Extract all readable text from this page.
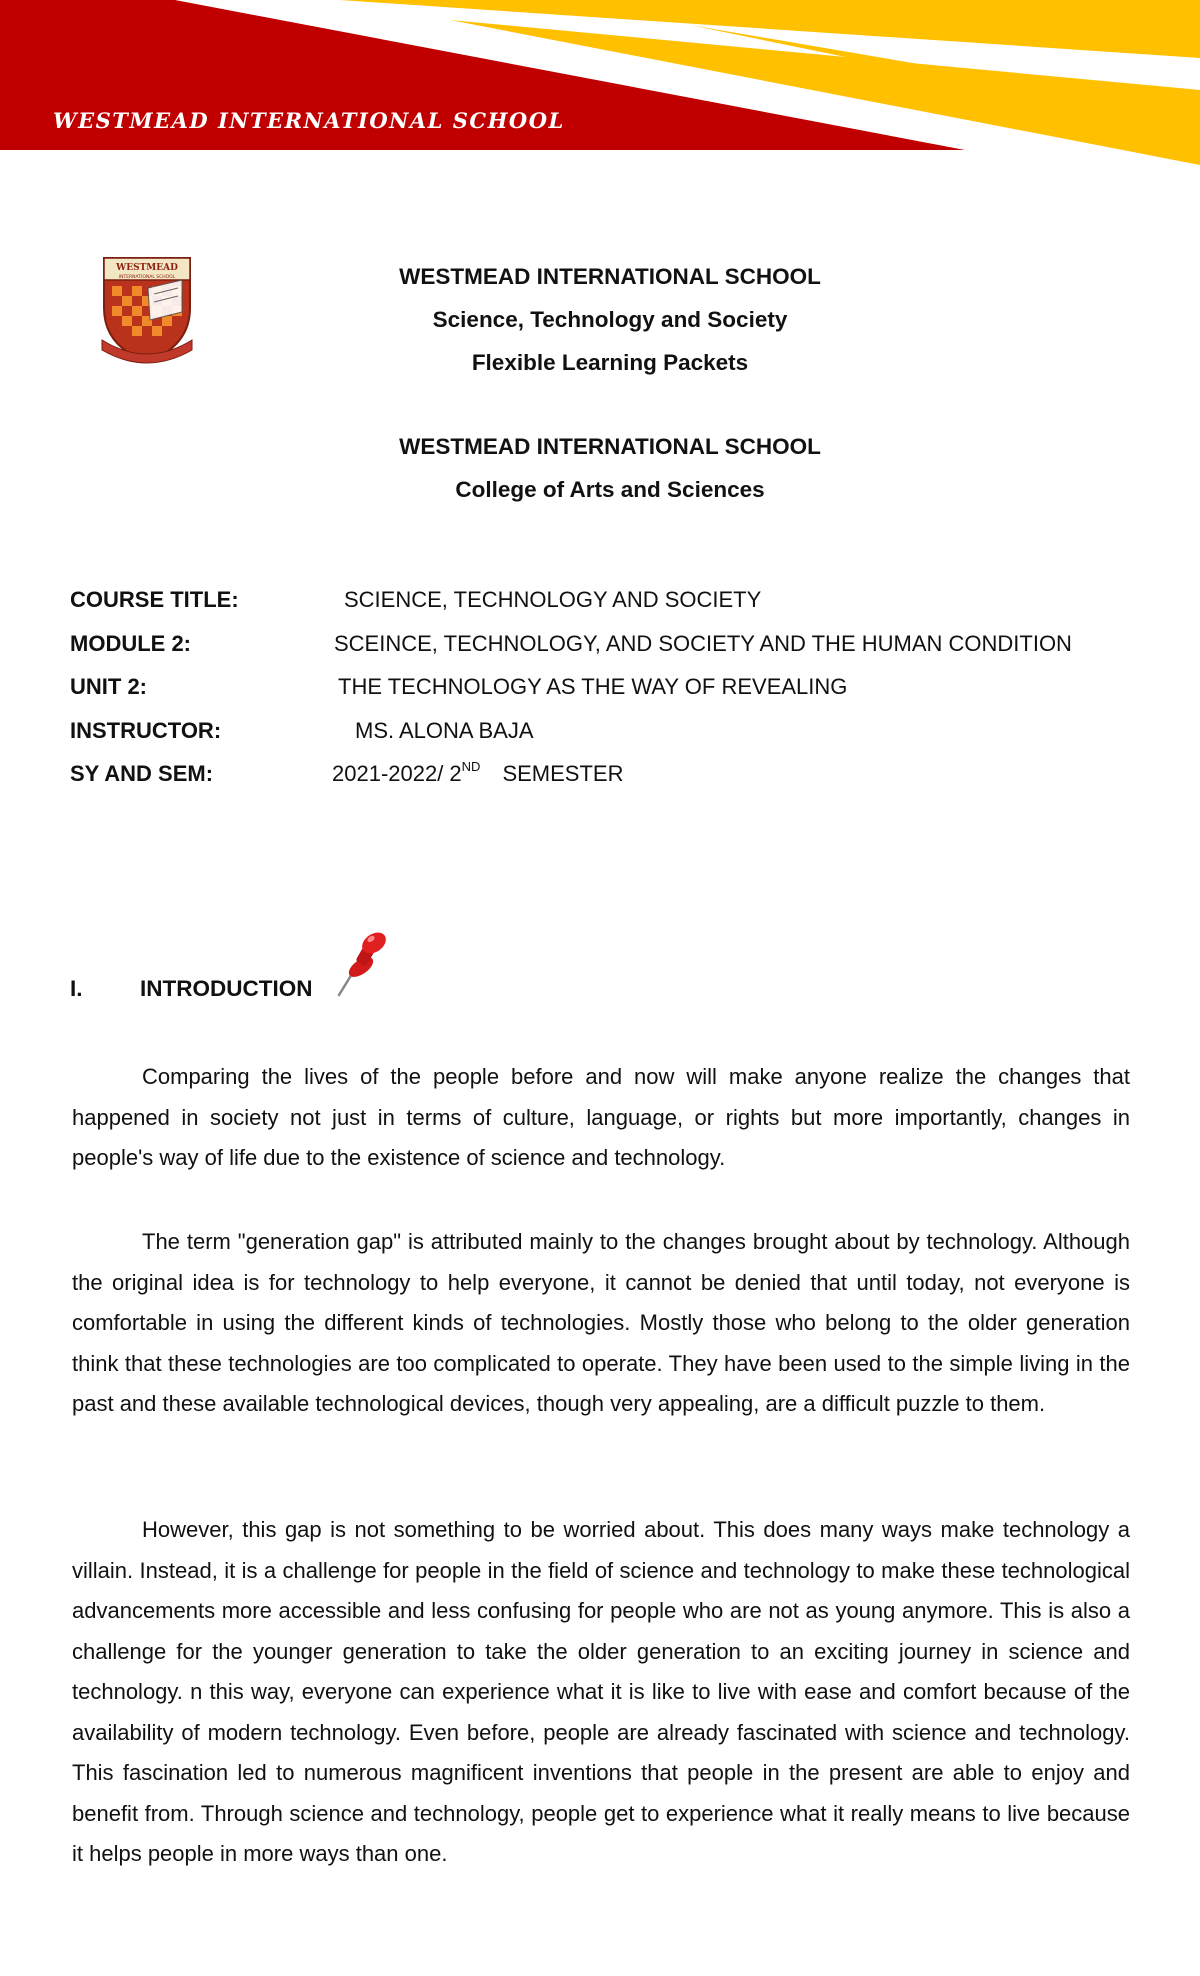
WESTMEAD INTERNATIONAL SCHOOL
WESTMEAD
INTERNATIONAL SCHOOL	WESTMEAD INTERNATIONAL SCHOOL
Science, Technology and Society
Flexible Learning Packets
WESTMEAD INTERNATIONAL SCHOOL
College of Arts and Sciences
COURSE TITLE:	SCIENCE, TECHNOLOGY AND SOCIETY
MODULE 2:	SCEINCE, TECHNOLOGY, AND SOCIETY AND THE HUMAN CONDITION
UNIT 2:	THE TECHNOLOGY AS THE WAY OF REVEALING
INSTRUCTOR:	MS. ALONA BAJA
SY AND SEM:	2021-2022/ 2ND SEMESTER
I.	INTRODUCTION

Comparing the lives of the people before and now will make anyone realize the changes that happened in society not just in terms of culture, language, or rights but more importantly, changes in people's way of life due to the existence of science and technology.

The term "generation gap" is attributed mainly to the changes brought about by technology. Although the original idea is for technology to help everyone, it cannot be denied that until today, not everyone is comfortable in using the different kinds of technologies. Mostly those who belong to the older generation think that these technologies are too complicated to operate. They have been used to the simple living in the past and these available technological devices, though very appealing, are a difficult puzzle to them.

However, this gap is not something to be worried about. This does many ways make technology a villain. Instead, it is a challenge for people in the field of science and technology to make these technological advancements more accessible and less confusing for people who are not as young anymore. This is also a challenge for the younger generation to take the older generation to an exciting journey in science and technology. n this way, everyone can experience what it is like to live with ease and comfort because of the availability of modern technology. Even before, people are already fascinated with science and technology. This fascination led to numerous magnificent inventions that people in the present are able to enjoy and benefit from. Through science and technology, people get to experience what it really means to live because it helps people in more ways than one.
